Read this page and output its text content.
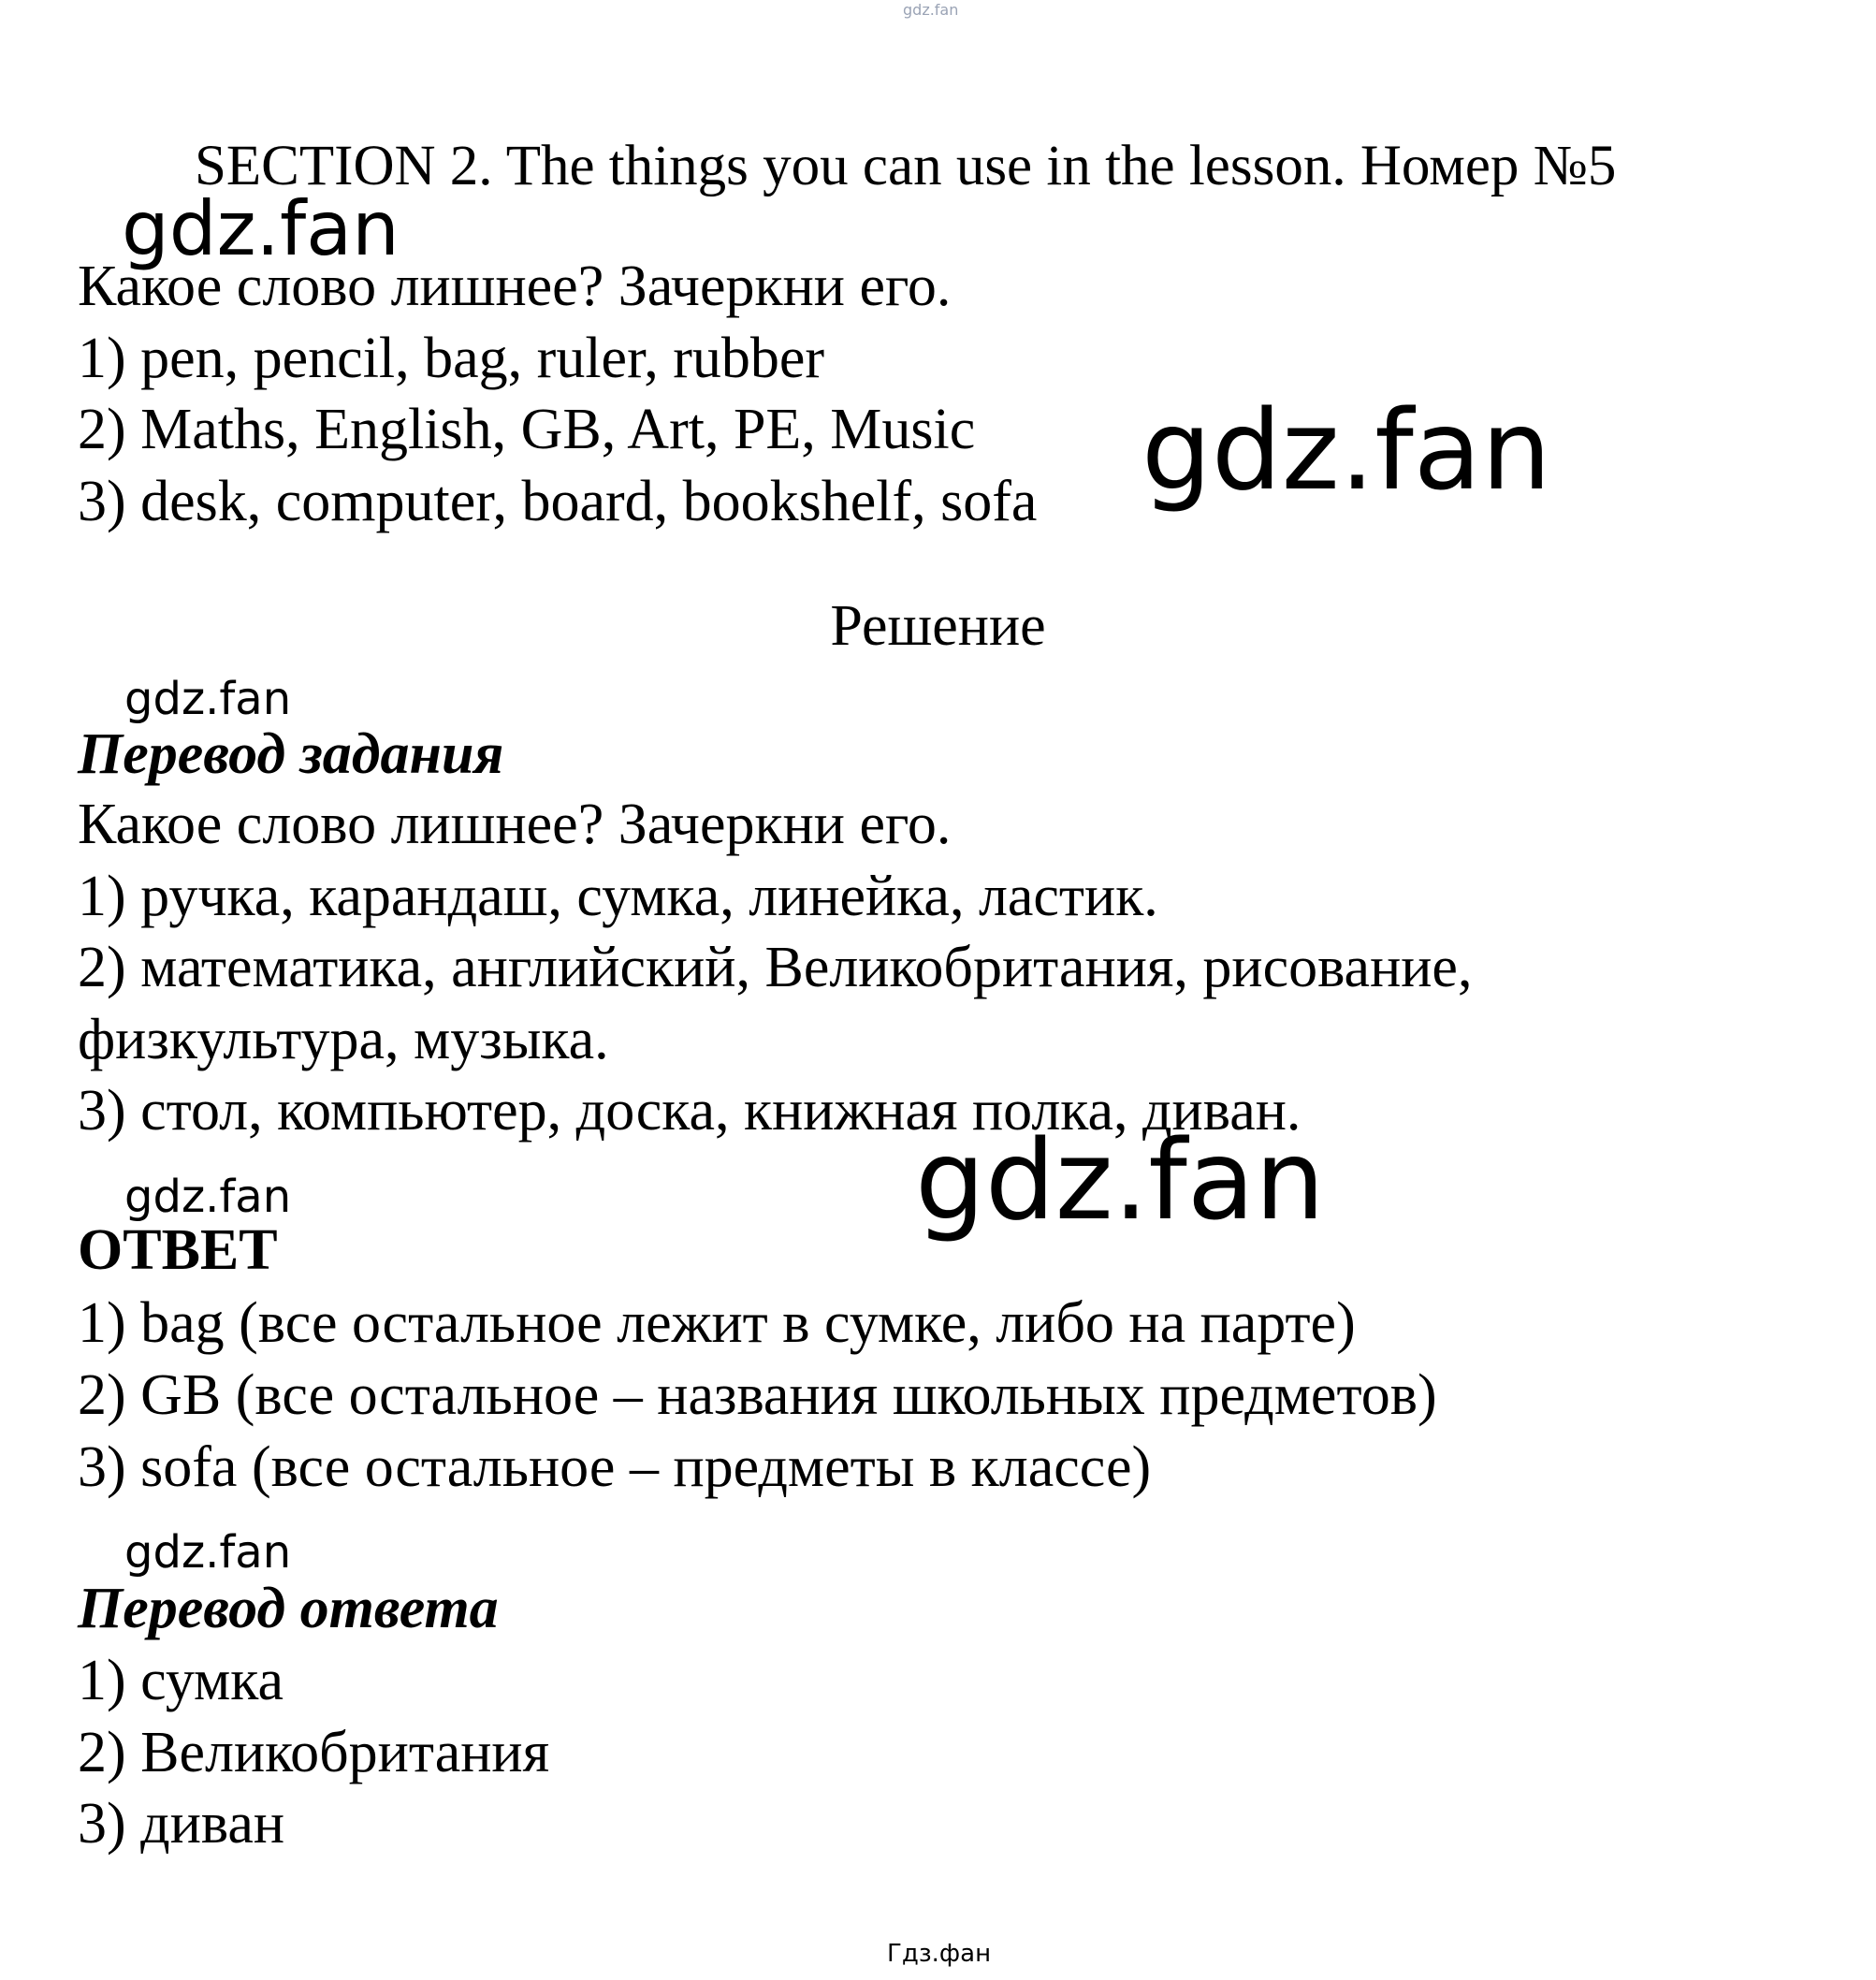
gdz.fan
gdz.fan
gdz.fan
gdz.fan
gdz.fan
gdz.fan
gdz.fan
Гдз.фан
SECTION 2. The things you can use in the lesson. Номер №5
Какое слово лишнее? Зачеркни его.
1) pen, pencil, bag, ruler, rubber
2) Maths, English, GB, Art, PE, Music
3) desk, computer, board, bookshelf, sofa
Решение
Перевод задания
Какое слово лишнее? Зачеркни его.
1) ручка, карандаш, сумка, линейка, ластик.
2) математика, английский, Великобритания, рисование,
физкультура, музыка.
3) стол, компьютер, доска, книжная полка, диван.
ОТВЕТ
1) bag (все остальное лежит в сумке, либо на парте)
2) GB (все остальное – названия школьных предметов)
3) sofa (все остальное – предметы в классе)
Перевод ответа
1) сумка
2) Великобритания
3) диван
